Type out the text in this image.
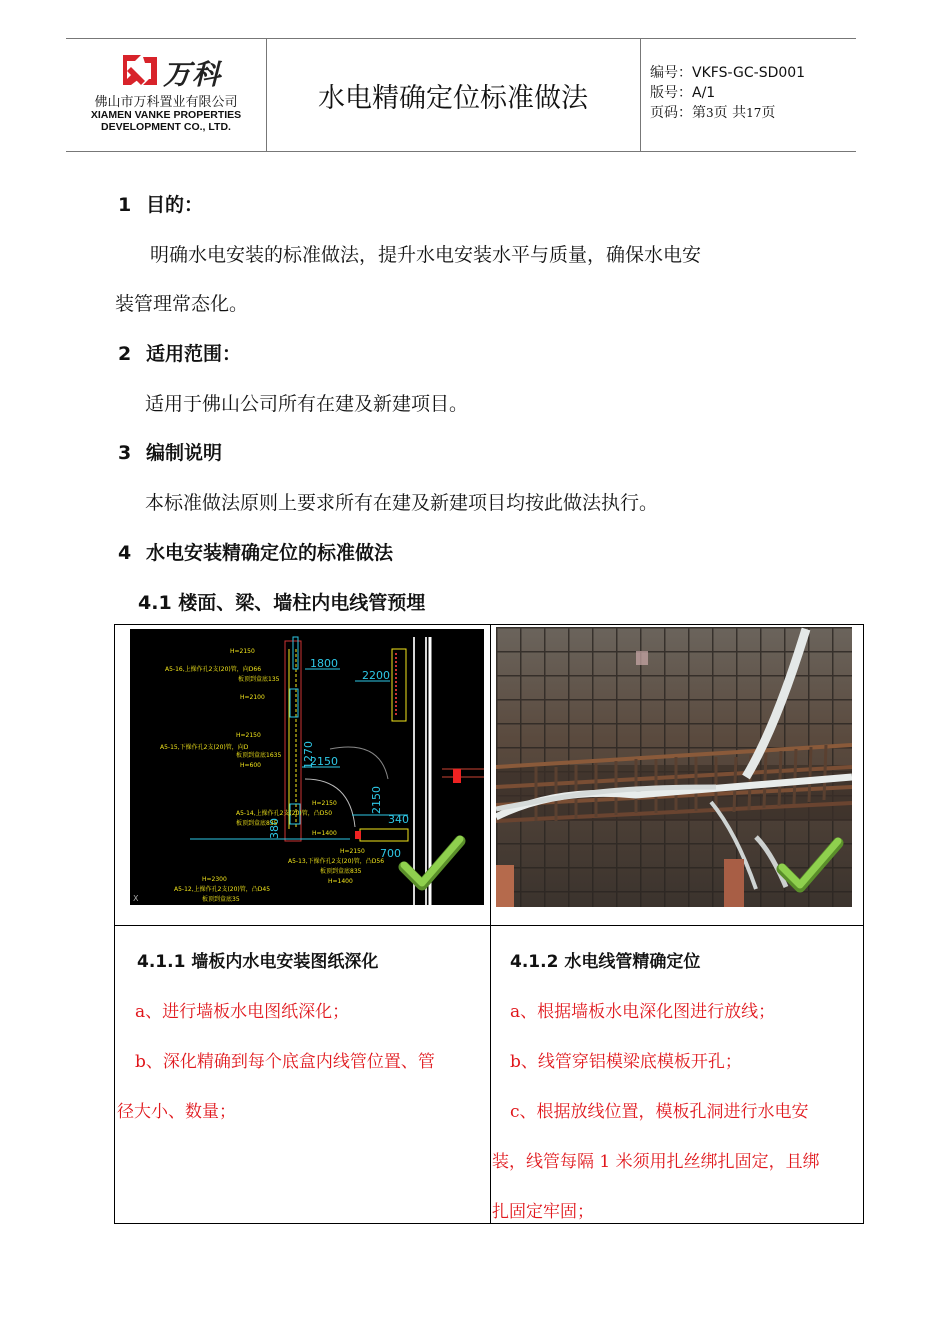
万科
佛山市万科置业有限公司
XIAMEN VANKE PROPERTIES
DEVELOPMENT CO., LTD.
水电精确定位标准做法
编号：VKFS-GC-SD001
版号：A/1
页码：第3页 共17页
1 目的：
明确水电安装的标准做法，提升水电安装水平与质量，确保水电安
装管理常态化。
2 适用范围：
适用于佛山公司所有在建及新建项目。
3 编制说明
本标准做法原则上要求所有在建及新建项目均按此做法执行。
4 水电安装精确定位的标准做法
4.1 楼面、梁、墙柱内电线管预埋
1800
2200
2150
340
700
1270
2150
380
A5-16,上操作孔2支(20)管，向D66
H=2150
板顶到盒底135
H=2100
H=2150
A5-15,下操作孔2支(20)管，向D
板顶到盒底1635
H=600
H=2150
A5-14,上操作孔2支(20)管，凸D50
板顶到盒底835
H=1400
H=2150
A5-13,下操作孔2支(20)管，凸D56
板顶到盒底835
H=1400
H=2300
A5-12,上操作孔2支(20)管，凸D45
板顶到盒底35
X
4.1.1 墙板内水电安装图纸深化
a、进行墙板水电图纸深化；
b、深化精确到每个底盒内线管位置、管
径大小、数量；
4.1.2 水电线管精确定位
a、根据墙板水电深化图进行放线；
b、线管穿铝模梁底模板开孔；
c、根据放线位置，模板孔洞进行水电安
装，线管每隔 1 米须用扎丝绑扎固定，且绑
扎固定牢固；
